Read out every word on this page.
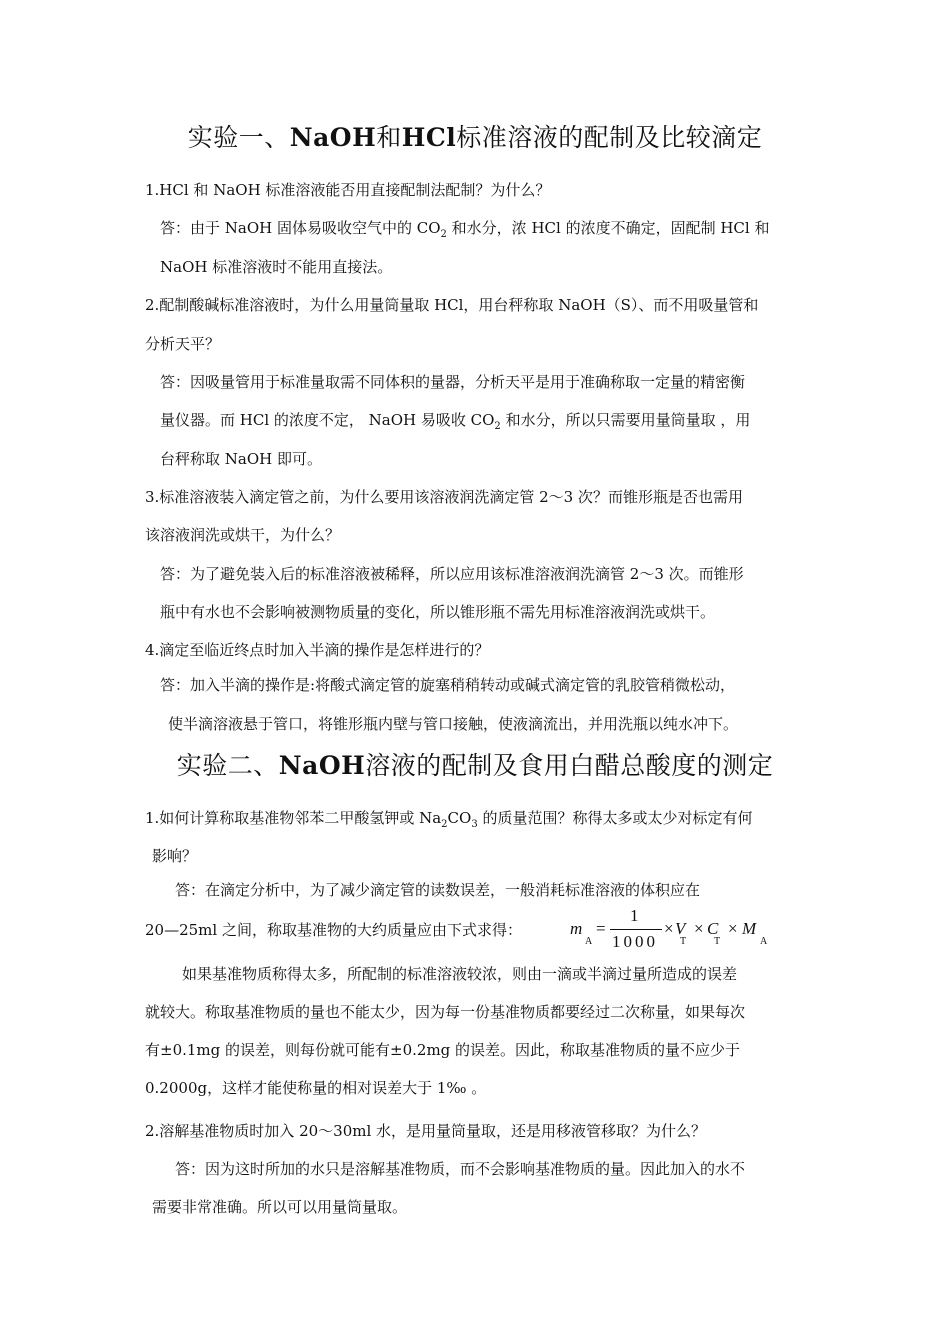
实验一、NaOH和HCl标准溶液的配制及比较滴定
1.HCl 和 NaOH 标准溶液能否用直接配制法配制？为什么？
答：由于 NaOH 固体易吸收空气中的 $CO_2$ 和水分，浓 HCl 的浓度不确定，固配制 HCl 和
NaOH 标准溶液时不能用直接法。
2.配制酸碱标准溶液时，为什么用量筒量取 HCl，用台秤称取 NaOH（S）、而不用吸量管和
分析天平？
答：因吸量管用于标准量取需不同体积的量器，分析天平是用于准确称取一定量的精密衡
量仪器。而 HCl 的浓度不定， NaOH 易吸收 $CO_2$ 和水分，所以只需要用量筒量取 ，用
台秤称取 NaOH 即可。
3.标准溶液装入滴定管之前，为什么要用该溶液润洗滴定管 2～3 次？而锥形瓶是否也需用
该溶液润洗或烘干，为什么？
答：为了避免装入后的标准溶液被稀释，所以应用该标准溶液润洗滴管 2～3 次。而锥形
瓶中有水也不会影响被测物质量的变化，所以锥形瓶不需先用标准溶液润洗或烘干。
4.滴定至临近终点时加入半滴的操作是怎样进行的？
答：加入半滴的操作是:将酸式滴定管的旋塞稍稍转动或碱式滴定管的乳胶管稍微松动，
使半滴溶液悬于管口，将锥形瓶内壁与管口接触，使液滴流出，并用洗瓶以纯水冲下。
实验二、NaOH溶液的配制及食用白醋总酸度的测定
1.如何计算称取基准物邻苯二甲酸氢钾或 $Na_2CO_3$ 的质量范围？称得太多或太少对标定有何
影响？
答：在滴定分析中，为了减少滴定管的读数误差，一般消耗标准溶液的体积应在
20—25ml 之间，称取基准物的大约质量应由下式求得：	m
A
=
1
1000
× V
T
× C
T
× M
A
如果基准物质称得太多，所配制的标准溶液较浓，则由一滴或半滴过量所造成的误差
就较大。称取基准物质的量也不能太少，因为每一份基准物质都要经过二次称量，如果每次
有±0.1mg 的误差，则每份就可能有±0.2mg 的误差。因此，称取基准物质的量不应少于
0.2000g，这样才能使称量的相对误差大于 1‰ 。
2.溶解基准物质时加入 20～30ml 水，是用量筒量取，还是用移液管移取？为什么？
答：因为这时所加的水只是溶解基准物质，而不会影响基准物质的量。因此加入的水不
需要非常准确。所以可以用量筒量取。
